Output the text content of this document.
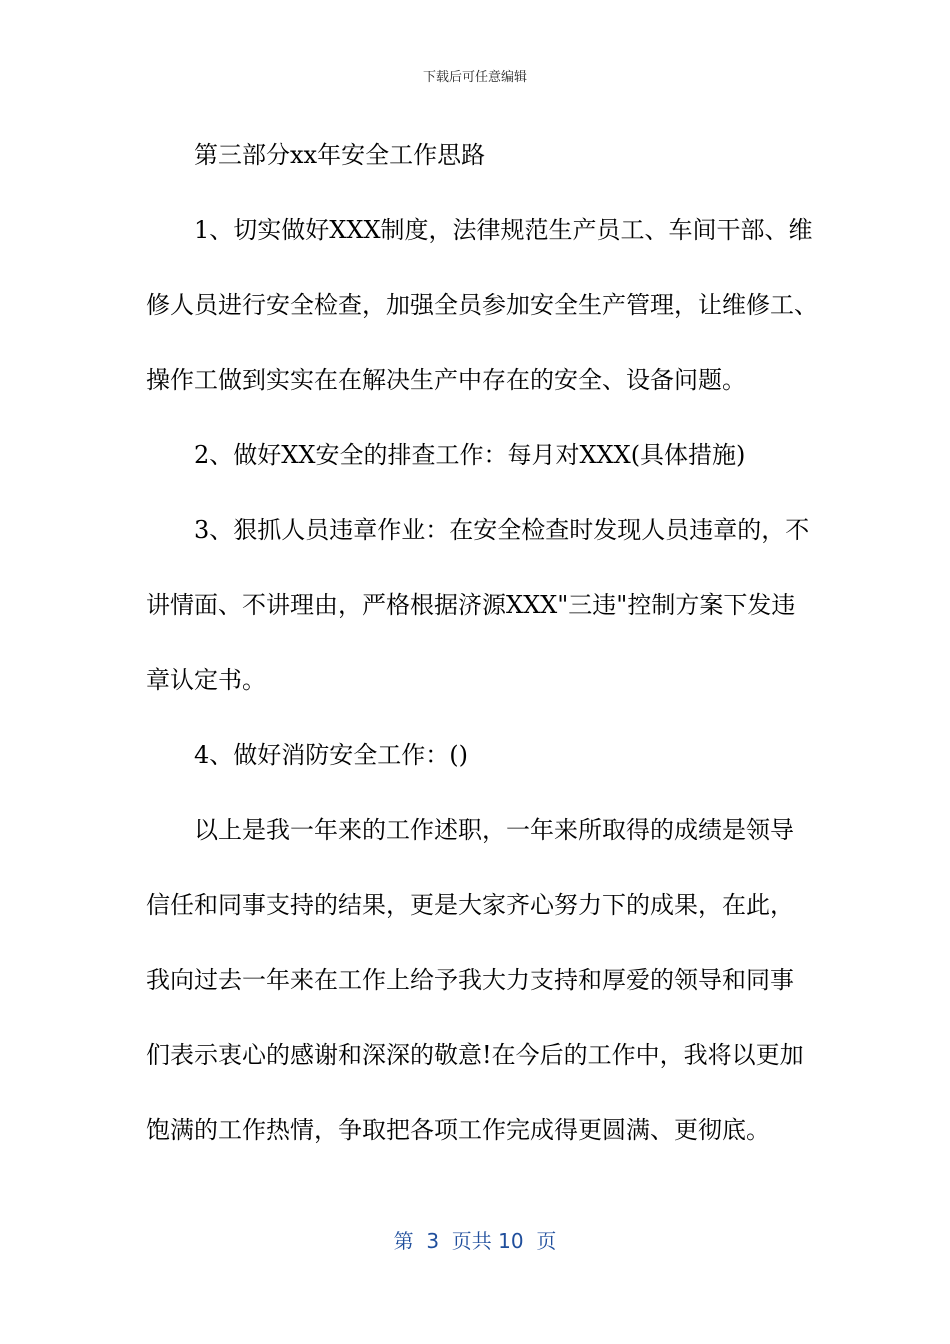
下载后可任意编辑
第三部分xx年安全工作思路
1、切实做好XXX制度，法律规范生产员工、车间干部、维
修人员进行安全检查，加强全员参加安全生产管理，让维修工、
操作工做到实实在在解决生产中存在的安全、设备问题。
2、做好XX安全的排查工作：每月对XXX(具体措施)
3、狠抓人员违章作业：在安全检查时发现人员违章的，不
讲情面、不讲理由，严格根据济源XXX"三违"控制方案下发违
章认定书。
4、做好消防安全工作：()
以上是我一年来的工作述职，一年来所取得的成绩是领导
信任和同事支持的结果，更是大家齐心努力下的成果，在此，
我向过去一年来在工作上给予我大力支持和厚爱的领导和同事
们表示衷心的感谢和深深的敬意!在今后的工作中，我将以更加
饱满的工作热情，争取把各项工作完成得更圆满、更彻底。
第  3  页共 10  页
